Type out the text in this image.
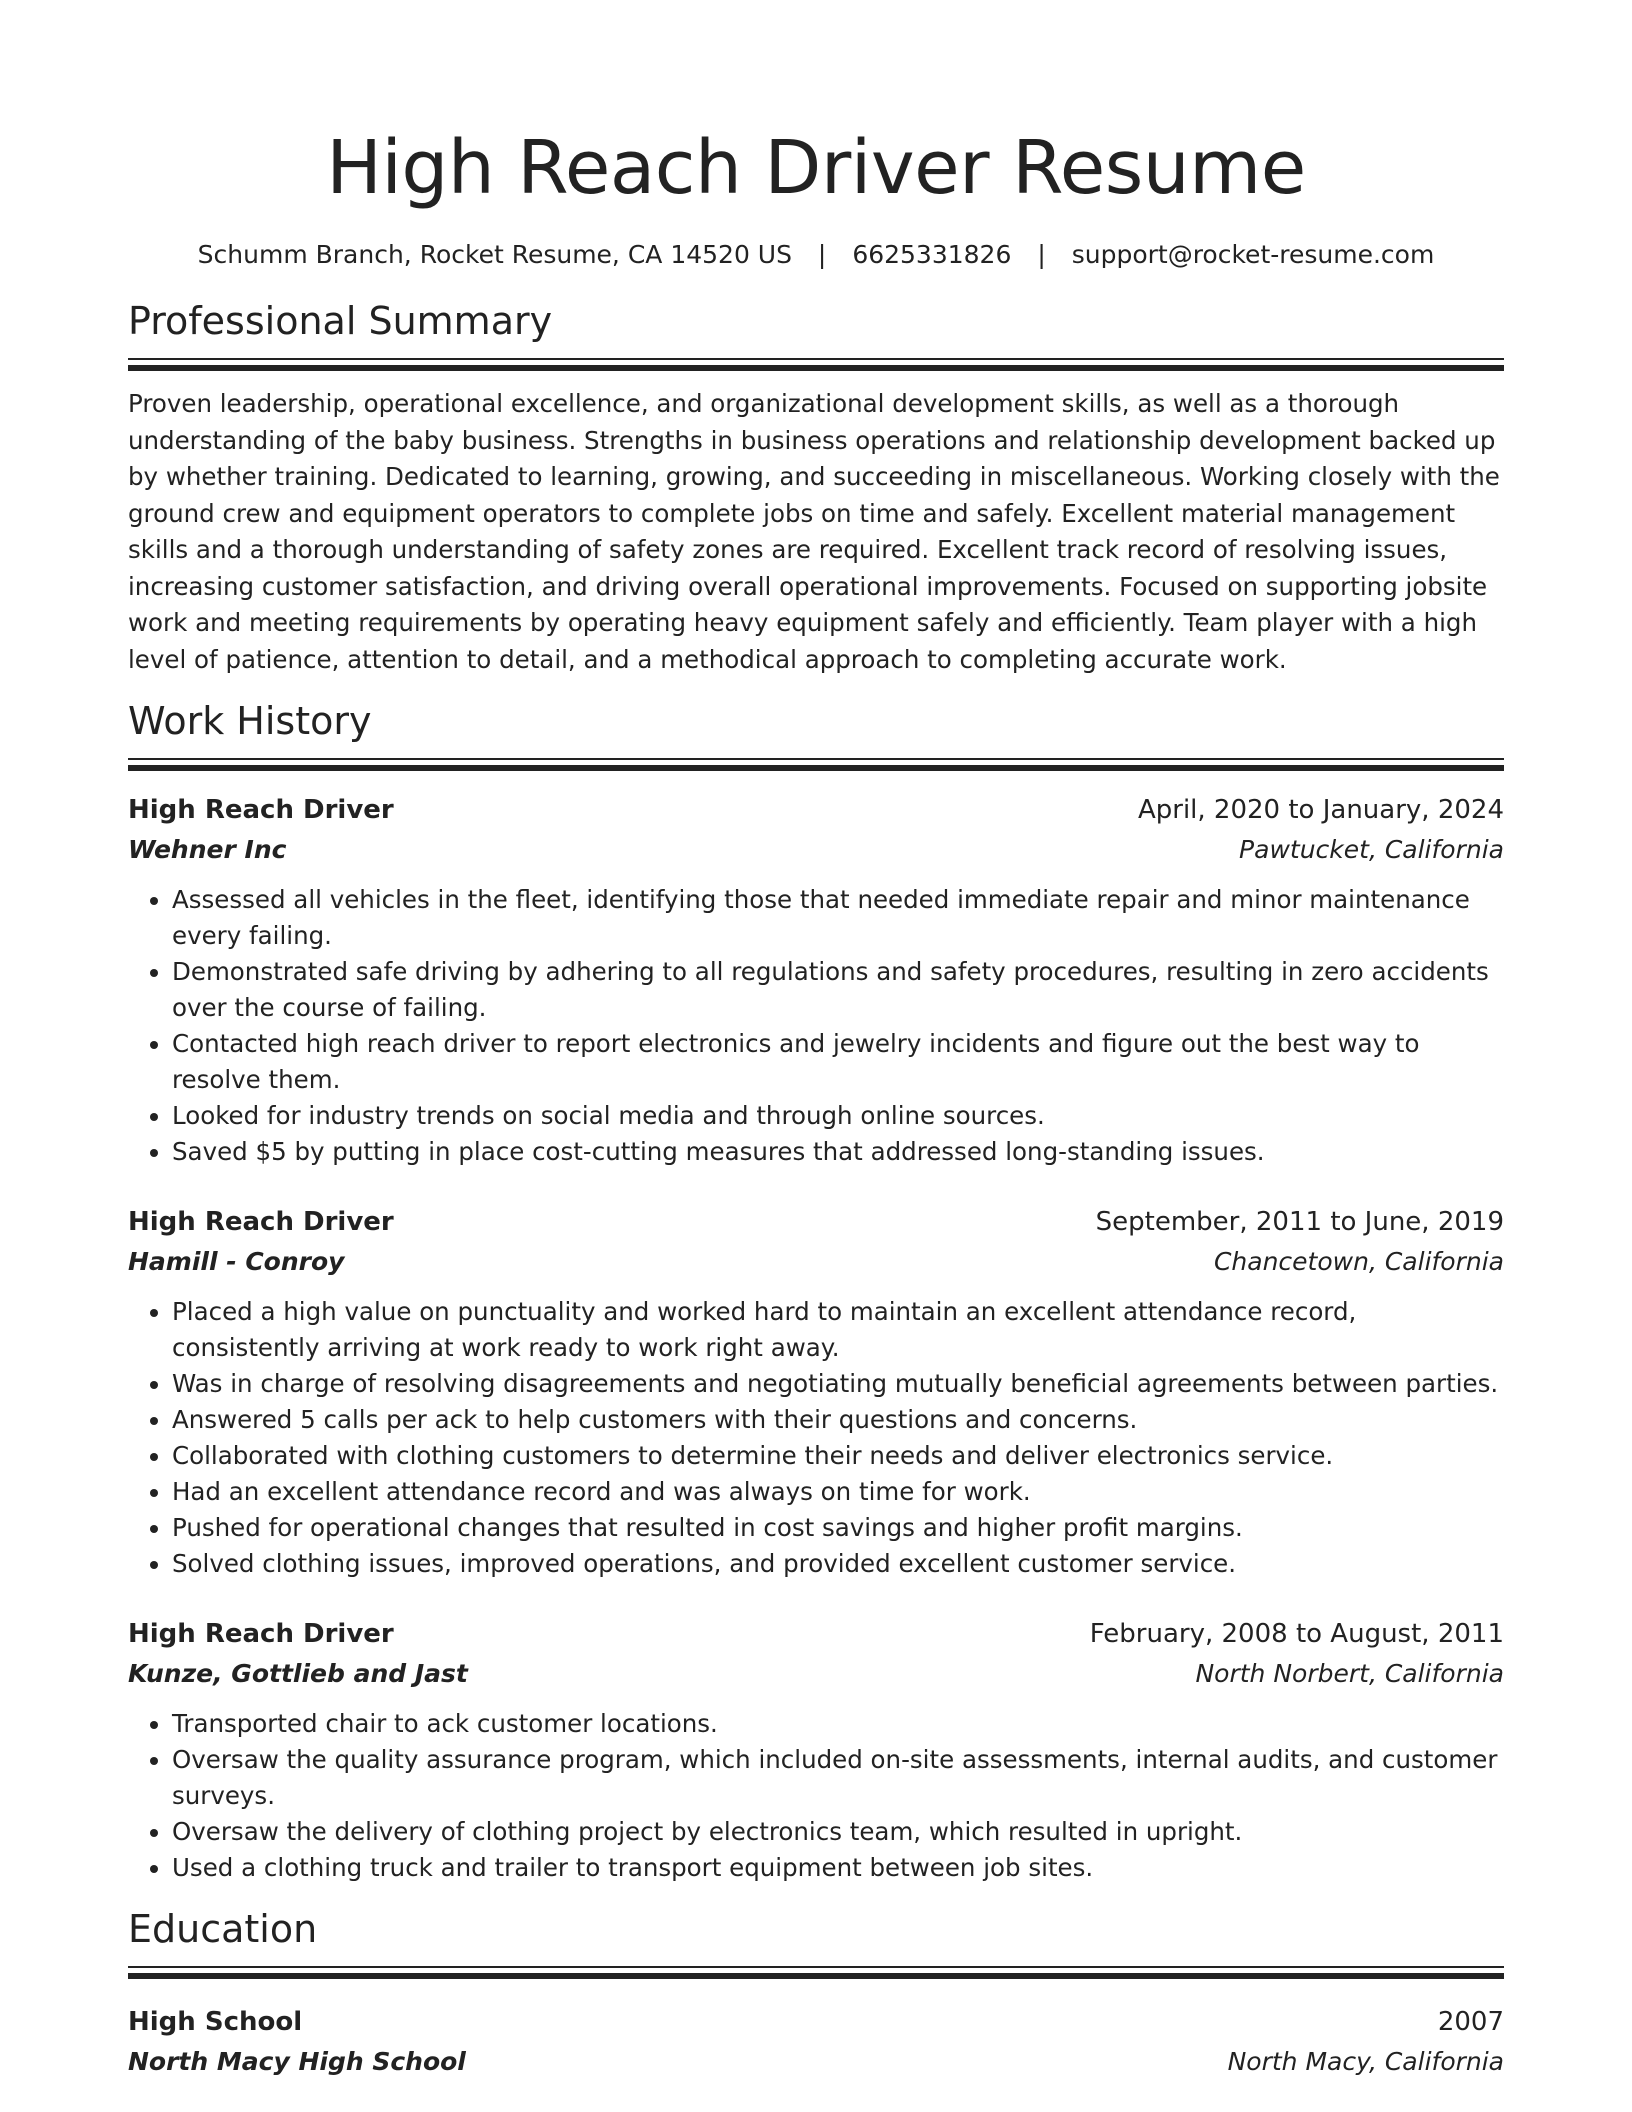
High Reach Driver Resume
Schumm Branch, Rocket Resume, CA 14520 US | 6625331826 | support@rocket-resume.com
Professional Summary

Proven leadership, operational excellence, and organizational development skills, as well as a thorough understanding of the baby business. Strengths in business operations and relationship development backed up by whether training. Dedicated to learning, growing, and succeeding in miscellaneous. Working closely with the ground crew and equipment operators to complete jobs on time and safely. Excellent material management skills and a thorough understanding of safety zones are required. Excellent track record of resolving issues, increasing customer satisfaction, and driving overall operational improvements. Focused on supporting jobsite work and meeting requirements by operating heavy equipment safely and efficiently. Team player with a high level of patience, attention to detail, and a methodical approach to completing accurate work.

Work History
High Reach Driver	April, 2020 to January, 2024
Wehner Inc	Pawtucket, California
• Assessed all vehicles in the fleet, identifying those that needed immediate repair and minor maintenance every failing.
• Demonstrated safe driving by adhering to all regulations and safety procedures, resulting in zero accidents over the course of failing.
• Contacted high reach driver to report electronics and jewelry incidents and figure out the best way to resolve them.
• Looked for industry trends on social media and through online sources.
• Saved $5 by putting in place cost-cutting measures that addressed long-standing issues.
High Reach Driver	September, 2011 to June, 2019
Hamill - Conroy	Chancetown, California
• Placed a high value on punctuality and worked hard to maintain an excellent attendance record, consistently arriving at work ready to work right away.
• Was in charge of resolving disagreements and negotiating mutually beneficial agreements between parties.
• Answered 5 calls per ack to help customers with their questions and concerns.
• Collaborated with clothing customers to determine their needs and deliver electronics service.
• Had an excellent attendance record and was always on time for work.
• Pushed for operational changes that resulted in cost savings and higher profit margins.
• Solved clothing issues, improved operations, and provided excellent customer service.
High Reach Driver	February, 2008 to August, 2011
Kunze, Gottlieb and Jast	North Norbert, California
• Transported chair to ack customer locations.
• Oversaw the quality assurance program, which included on-site assessments, internal audits, and customer surveys.
• Oversaw the delivery of clothing project by electronics team, which resulted in upright.
• Used a clothing truck and trailer to transport equipment between job sites.
Education
High School	2007
North Macy High School	North Macy, California
